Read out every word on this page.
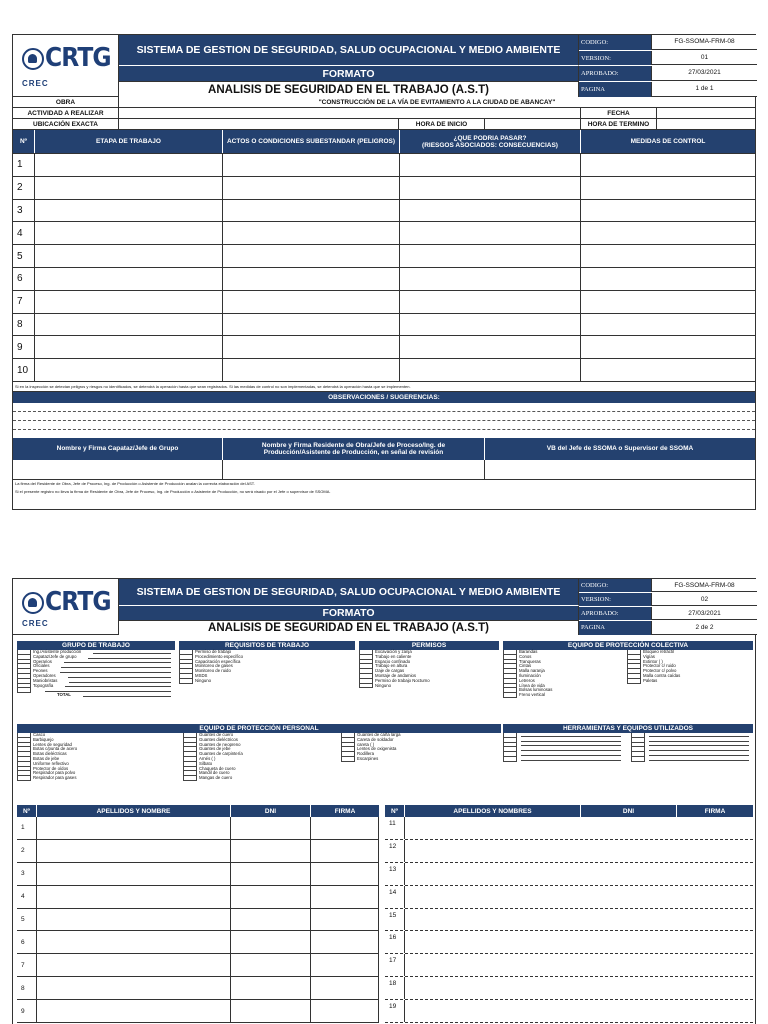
CRTG
CREC
SISTEMA DE GESTION DE SEGURIDAD, SALUD OCUPACIONAL Y MEDIO AMBIENTE
FORMATO
ANALISIS DE SEGURIDAD EN EL TRABAJO (A.S.T)
CODIGO:	FG-SSOMA-FRM-08
VERSION:	01
APROBADO:	27/03/2021
PAGINA	1 de 1
OBRA	"CONSTRUCCIÓN DE LA VÍA DE EVITAMIENTO A LA CIUDAD DE ABANCAY"
ACTIVIDAD A REALIZAR	FECHA
UBICACIÓN EXACTA	HORA DE INICIO	HORA DE TERMINO
Nº	ETAPA DE TRABAJO	ACTOS O CONDICIONES SUBESTANDAR (PELIGROS)	¿QUE PODRIA PASAR?
(RIESGOS ASOCIADOS: CONSECUENCIAS)	MEDIDAS DE CONTROL
1
2
3
4
5
6
7
8
9
10
Si en la inspección se detectan peligros y riesgos no identificados, se detendrá la operación hasta que sean registrados. Si las medidas de control no son implementadas, se detendrá la operación hasta que se implementen.
OBSERVACIONES / SUGERENCIAS:
Nombre y Firma Capataz/Jefe de Grupo	Nombre y Firma Residente de Obra/Jefe de Proceso/Ing. de Producción/Asistente de Producción, en señal de revisión	VB del Jefe de SSOMA o Supervisor de SSOMA
La firma del Residente de Obra, Jefe de Proceso, Ing. de Producción o Asistente de Producción avalan la correcta elaboración del AST.
Si el presente registro no lleva la firma de Residente de Obra, Jefe de Proceso, Ing. de Producción o Asistente de Producción, no será visado por el Jefe o supervisor de SSOMA.
CRTG
CREC
SISTEMA DE GESTION DE SEGURIDAD, SALUD OCUPACIONAL Y MEDIO AMBIENTE
FORMATO
ANALISIS DE SEGURIDAD EN EL TRABAJO (A.S.T)
CODIGO:	FG-SSOMA-FRM-08
VERSION:	02
APROBADO:	27/03/2021
PAGINA	2 de 2
GRUPO DE TRABAJO
Ing./Asistente producción
Capataz/Jefe de grupo
Operarios
Oficiales
Peones
Operadores
Maniobristas
Topografía
TOTAL
REQUISITOS DE TRABAJO
Permiso de trabajo
Procedimiento específico
Capacitación específica
Monitoreo de gases
Monitoreo de ruido
MSDS
Ninguno
PERMISOS
Excavación y zanja
Trabajo en caliente
Espacio confinado
Trabajo en altura
Izaje de cargas
Montaje de andamios
Permiso de trabajo Nocturno
Ninguno
EQUIPO DE PROTECCIÓN COLECTIVA
Barandas
Conos
Tranqueras
Cintas
Malla naranja
Iluminación
Letreros
Línea de vida
Bolsas luminosas
Freno vertical
Bloqueo retráctil
Vigías
Extintor ( )
Protector c/ ruido
Protector c/ polvo
Malla contra caídas
Paletas
EQUIPO DE PROTECCIÓN PERSONAL
Casco
Barbiquejo
Lentes de seguridad
Botas c/punta de acero
Botas dieléctricas
Botas de jebe
Uniforme reflectivo
Protector de oídos
Respirador para polvo
Respirador para gases
Guantes de cuero
Guantes dieléctricos
Guantes de neopreno
Guantes de jebe
Guantes de carpintería
Arnés ( )
Silbato
Chaqueta de cuero
Mandil de cuero
Mangas de cuero
Guantes de caña larga
Careta de soldador
careta ( )
Lentes de oxigenista
Rodillera
Escarpines
HERRAMIENTAS Y EQUIPOS UTILIZADOS
Nº	APELLIDOS Y NOMBRE	DNI	FIRMA
1
2
3
4
5
6
7
8
9
Nº	APELLIDOS Y NOMBRES	DNI	FIRMA
11
12
13
14
15
16
17
18
19
